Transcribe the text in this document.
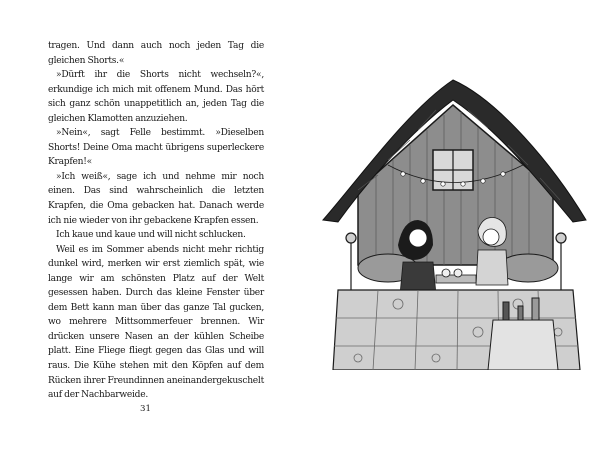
tragen. Und dann auch noch jeden Tag die gleichen Shorts.«

»Dürft ihr die Shorts nicht wechseln?«, erkundige ich mich mit offenem Mund. Das hört sich ganz schön unappetitlich an, jeden Tag die gleichen Klamotten anzuziehen.

»Nein«, sagt Felle bestimmt. »Dieselben Shorts! Deine Oma macht übrigens superleckere Krapfen!«

»Ich weiß«, sage ich und nehme mir noch einen. Das sind wahrscheinlich die letzten Krapfen, die Oma gebacken hat. Danach werde ich nie wieder von ihr gebackene Krapfen essen.

Ich kaue und kaue und will nicht schlucken.

Weil es im Sommer abends nicht mehr richtig dunkel wird, merken wir erst ziemlich spät, wie lange wir am schönsten Platz auf der Welt gesessen haben. Durch das kleine Fenster über dem Bett kann man über das ganze Tal gucken, wo mehrere Mittsommerfeuer brennen. Wir drücken unsere Nasen an der kühlen Scheibe platt. Eine Fliege fliegt gegen das Glas und will raus. Die Kühe stehen mit den Köpfen auf dem Rücken ihrer Freundinnen aneinandergekuschelt auf der Nachbarweide.

31
